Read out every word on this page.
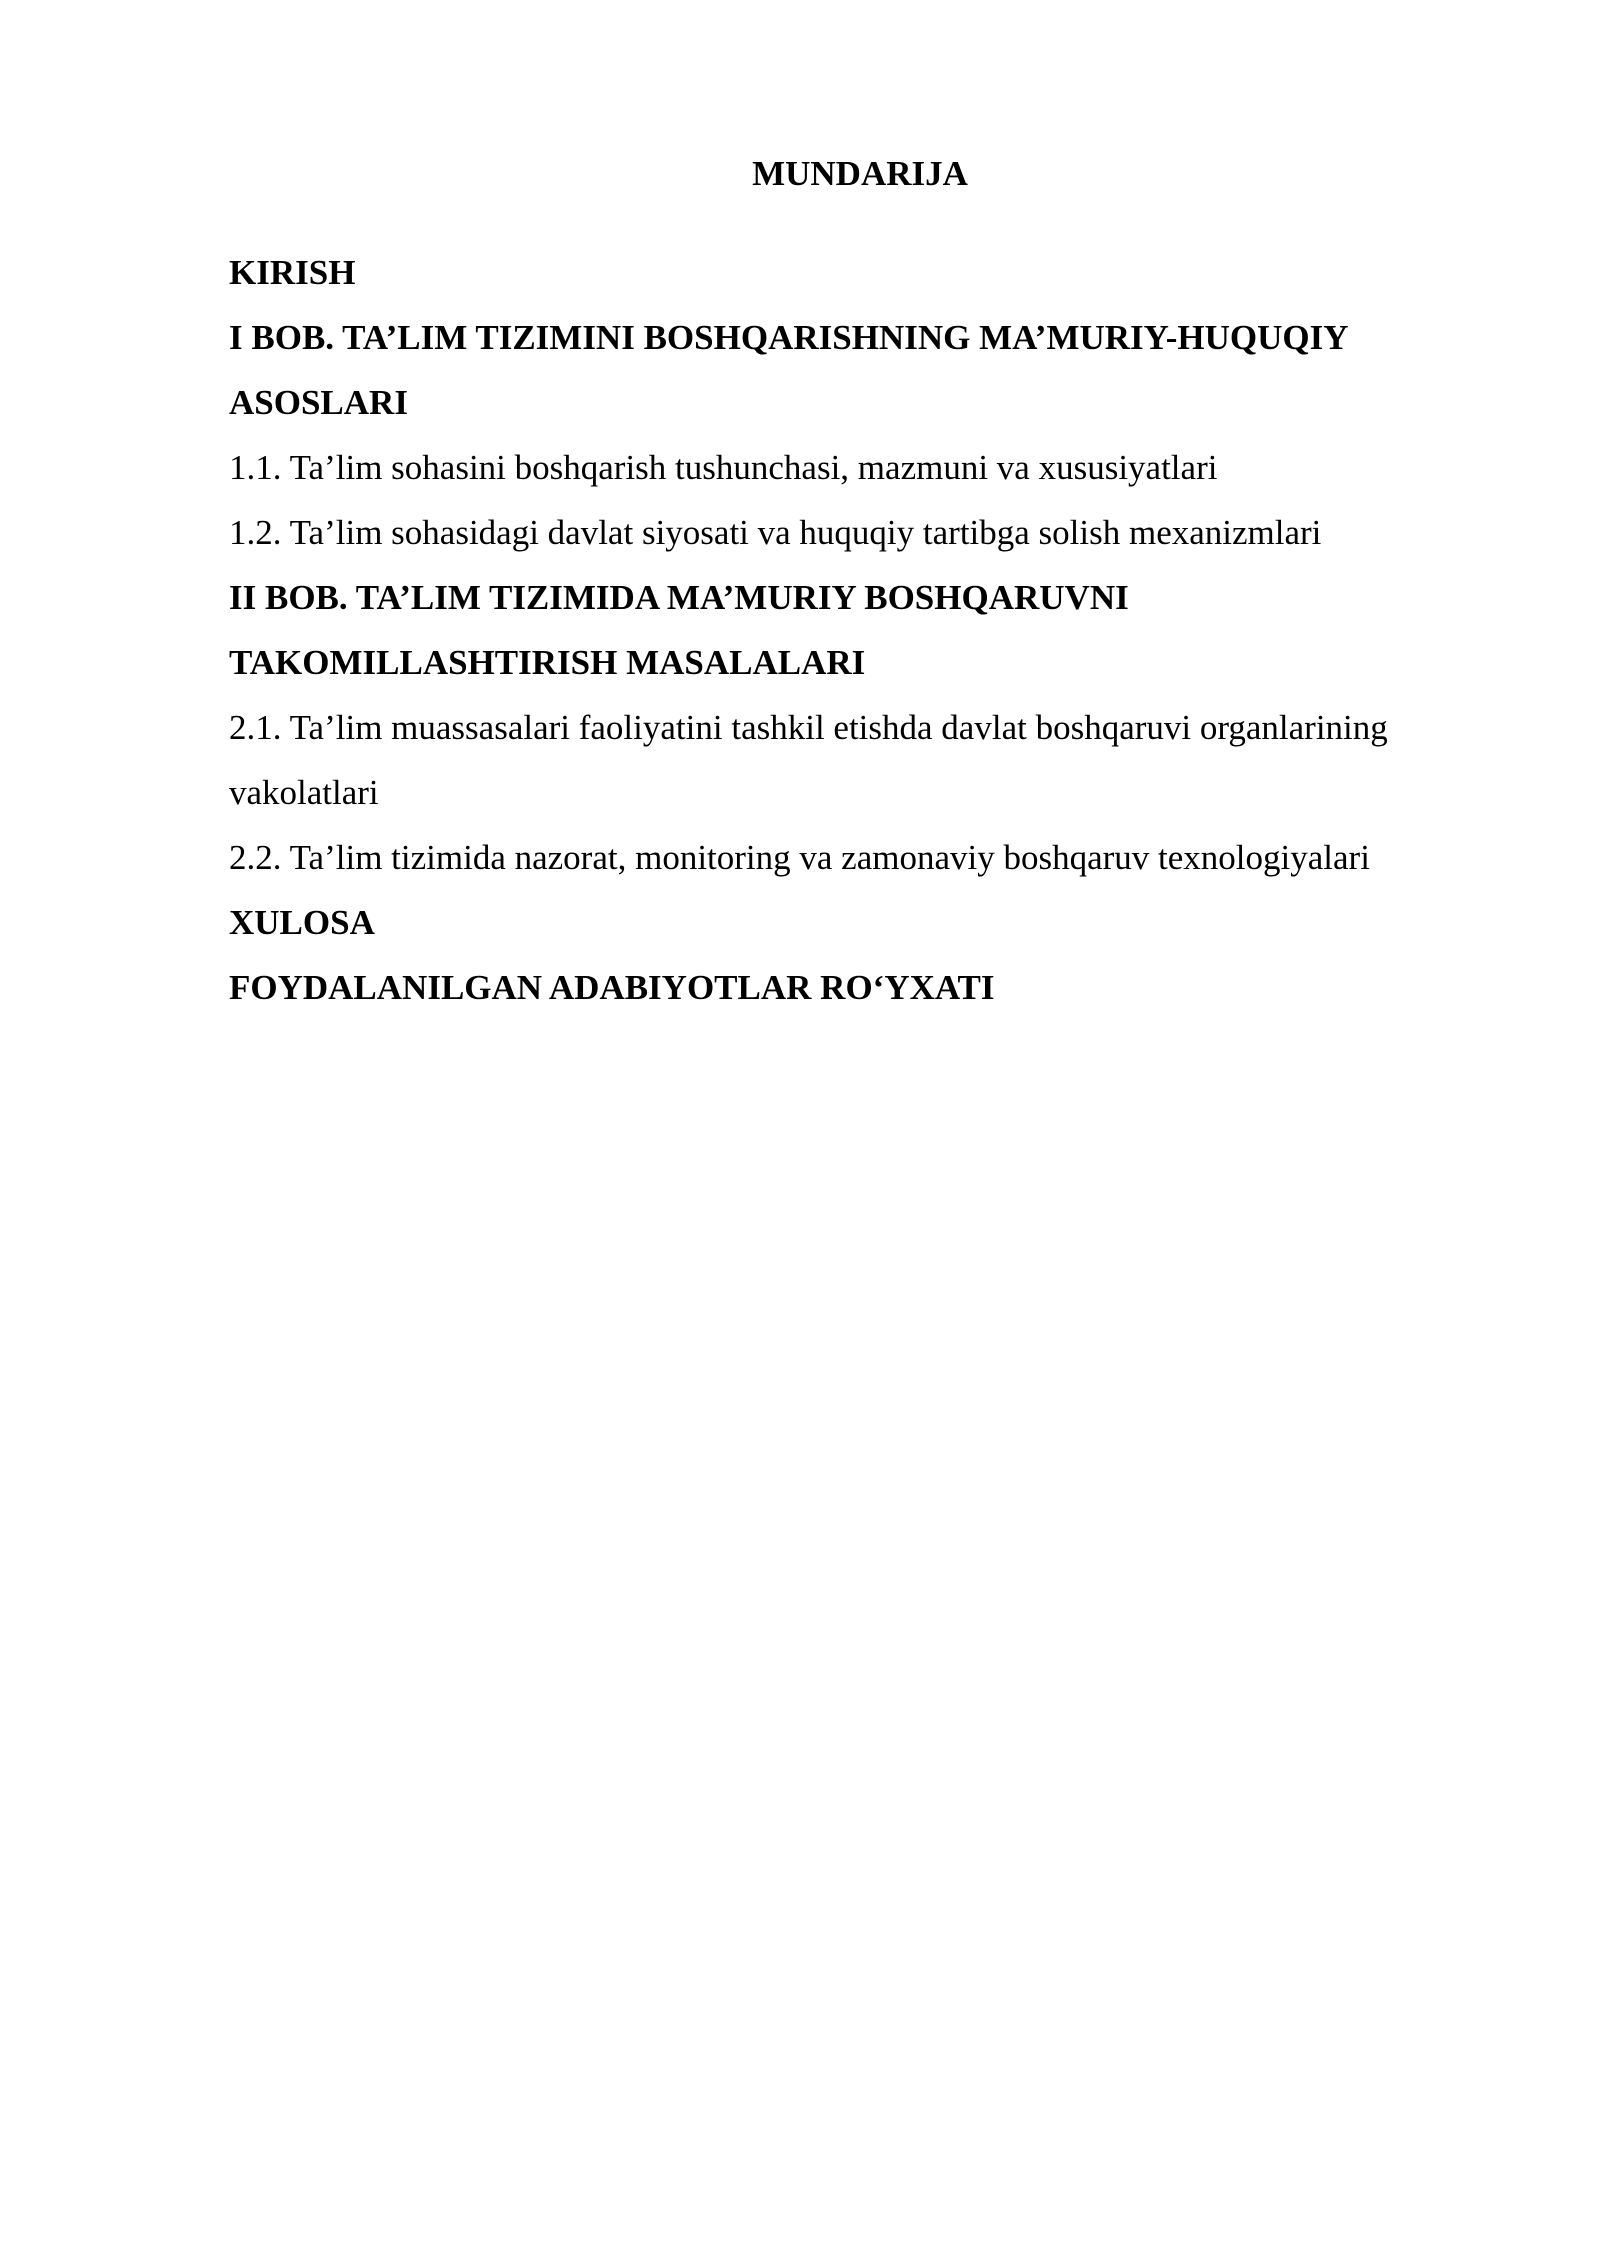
MUNDARIJA
KIRISH
I BOB. TA’LIM TIZIMINI BOSHQARISHNING MA’MURIY-HUQUQIY
ASOSLARI
1.1. Ta’lim sohasini boshqarish tushunchasi, mazmuni va xususiyatlari
1.2. Ta’lim sohasidagi davlat siyosati va huquqiy tartibga solish mexanizmlari
II BOB. TA’LIM TIZIMIDA MA’MURIY BOSHQARUVNI
TAKOMILLASHTIRISH MASALALARI
2.1. Ta’lim muassasalari faoliyatini tashkil etishda davlat boshqaruvi organlarining
vakolatlari
2.2. Ta’lim tizimida nazorat, monitoring va zamonaviy boshqaruv texnologiyalari
XULOSA
FOYDALANILGAN ADABIYOTLAR RO‘YXATI
